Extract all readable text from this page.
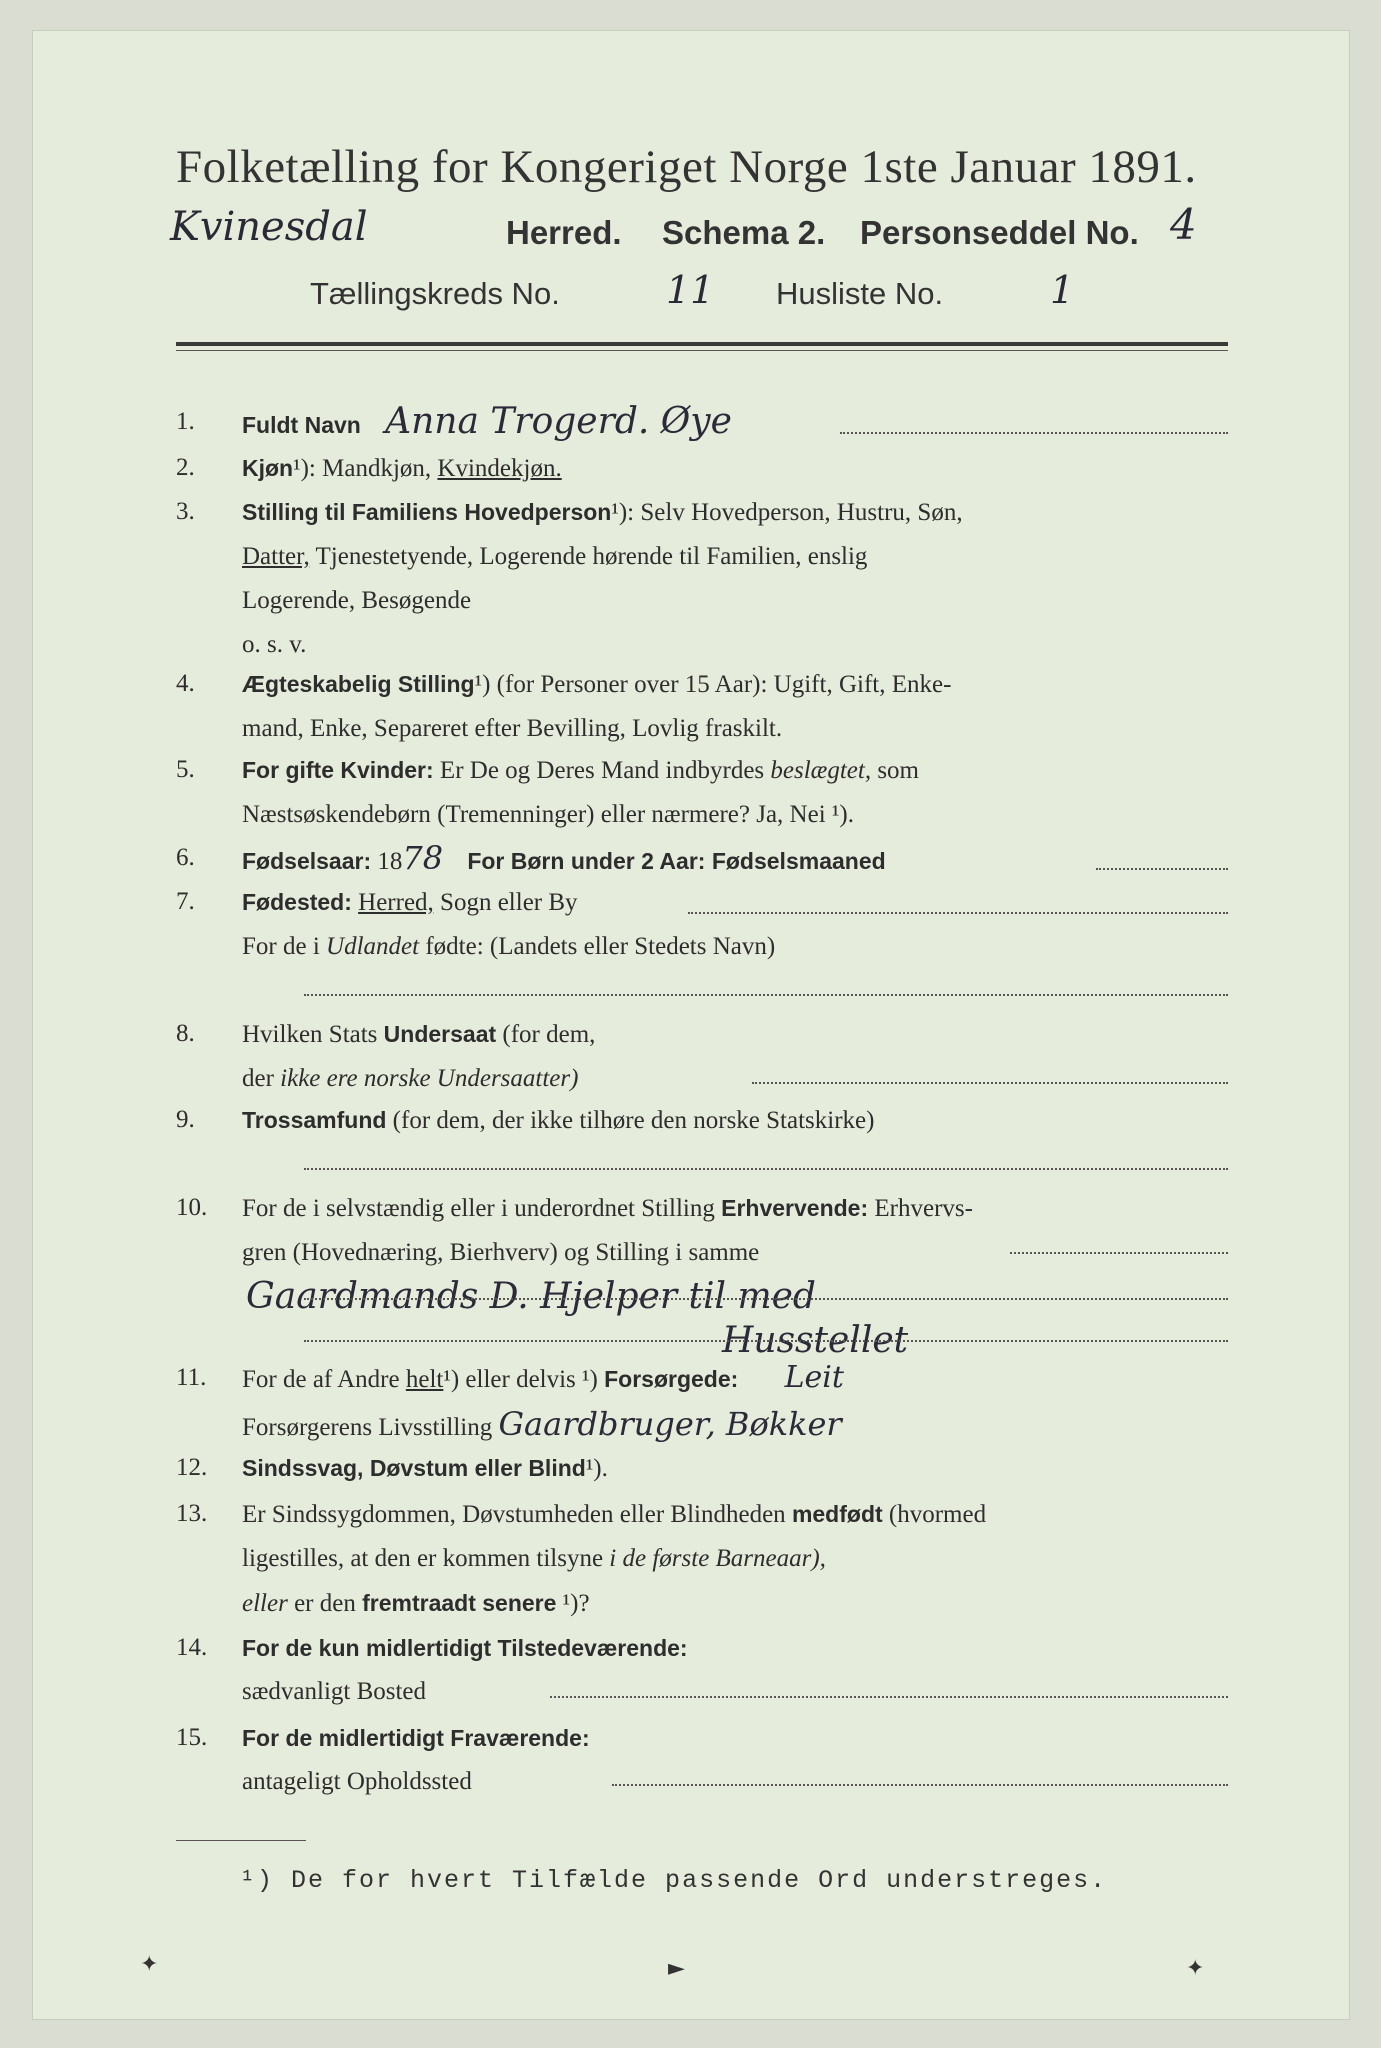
Folketælling for Kongeriget Norge 1ste Januar 1891.
Kvinesdal	Herred. Schema 2. Personseddel No. 4
Tællingskreds No.	11 Husliste No.	1
1.	Fuldt Navn Anna Trogerd. Øye
2.	Kjøn¹): Mandkjøn, Kvindekjøn.
3.	Stilling til Familiens Hovedperson¹): Selv Hovedperson, Hustru, Søn,
Datter, Tjenestetyende, Logerende hørende til Familien, enslig
Logerende, Besøgende
o. s. v.
4.	Ægteskabelig Stilling¹) (for Personer over 15 Aar): Ugift, Gift, Enke-
mand, Enke, Separeret efter Bevilling, Lovlig fraskilt.
5.	For gifte Kvinder: Er De og Deres Mand indbyrdes beslægtet, som
Næstsøskendebørn (Tremenninger) eller nærmere? Ja, Nei ¹).
6.	Fødselsaar: 1878 For Børn under 2 Aar: Fødselsmaaned
7.	Fødested: Herred, Sogn eller By
For de i Udlandet fødte: (Landets eller Stedets Navn)
8.	Hvilken Stats Undersaat (for dem,
der ikke ere norske Undersaatter)
9.	Trossamfund (for dem, der ikke tilhøre den norske Statskirke)
10.	For de i selvstændig eller i underordnet Stilling Erhvervende: Erhvervs-
gren (Hovednæring, Bierhverv) og Stilling i samme
Gaardmands D. Hjelper til med
Husstellet
11.	For de af Andre helt¹) eller delvis ¹) Forsørgede: Leit
Forsørgerens Livsstilling Gaardbruger, Bøkker
12.	Sindssvag, Døvstum eller Blind¹).
13.	Er Sindssygdommen, Døvstumheden eller Blindheden medfødt (hvormed
ligestilles, at den er kommen tilsyne i de første Barneaar),
eller er den fremtraadt senere ¹)?
14.	For de kun midlertidigt Tilstedeværende:
sædvanligt Bosted
15.	For de midlertidigt Fraværende:
antageligt Opholdssted
¹) De for hvert Tilfælde passende Ord understreges.
✦	►	✦
